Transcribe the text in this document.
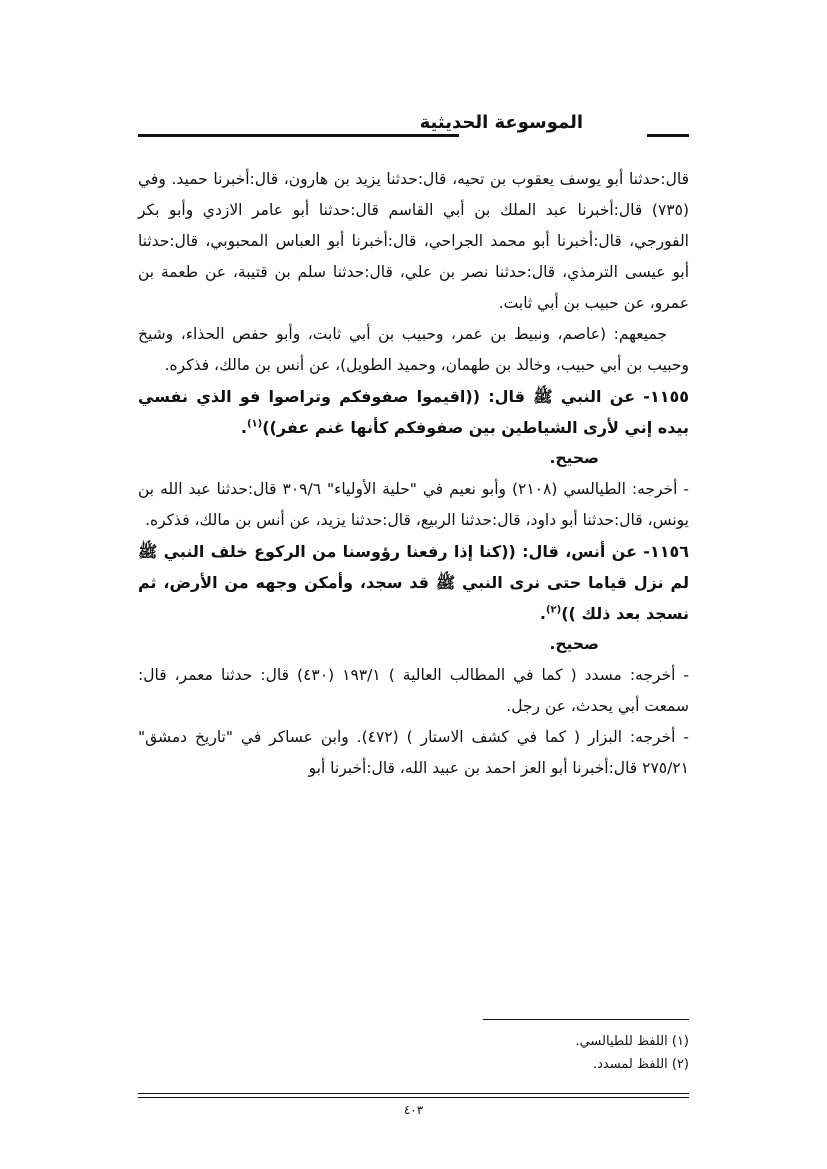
الموسوعة الحديثية

قال:حدثنا أبو يوسف يعقوب بن تحيه، قال:حدثنا يزيد بن هارون، قال:أخبرنا حميد. وفي (٧٣٥) قال:أخبرنا عبد الملك بن أبي القاسم قال:حدثنا أبو عامر الازدي وأبو بكر الفورجي، قال:أخبرنا أبو محمد الجراحي، قال:أخبرنا أبو العباس المحبوبي، قال:حدثنا أبو عيسى الترمذي، قال:حدثنا نصر بن علي، قال:حدثنا سلم بن قتيبة، عن طعمة بن عمرو، عن حبيب بن أبي ثابت.

جميعهم: (عاصم، ونبيط بن عمر، وحبيب بن أبي ثابت، وأبو حفص الحذاء، وشيخ وحبيب بن أبي حبيب، وخالد بن طهمان، وحميد الطويل)، عن أنس بن مالك، فذكره.

١١٥٥- عن النبي ﷺ قال: ((اقيموا صفوفكم وتراصوا فو الذي نفسي بيده إني لأرى الشياطين بين صفوفكم كأنها غنم عفر))$^{(١)}$.

صحيح.

- أخرجه: الطيالسي (٢١٠٨) وأبو نعيم في "حلية الأولياء" ٣٠٩/٦ قال:حدثنا عبد الله بن يونس، قال:حدثنا أبو داود، قال:حدثنا الربيع، قال:حدثنا يزيد، عن أنس بن مالك، فذكره.

١١٥٦- عن أنس، قال: ((كنا إذا رفعنا رؤوسنا من الركوع خلف النبي ﷺ لم نزل قياما حتى نرى النبي ﷺ قد سجد، وأمكن وجهه من الأرض، ثم نسجد بعد ذلك ))$^{(٢)}$.

صحيح.

- أخرجه: مسدد ( كما في المطالب العالية ) ١٩٣/١ (٤٣٠) قال: حدثنا معمر، قال: سمعت أبي يحدث، عن رجل.

- أخرجه: البزار ( كما في كشف الاستار ) (٤٧٢). وابن عساكر في "تاريخ دمشق" ٢٧٥/٢١ قال:أخبرنا أبو العز احمد بن عبيد الله، قال:أخبرنا أبو

(١) اللفظ للطيالسي.

(٢) اللفظ لمسدد.

٤٠٣
